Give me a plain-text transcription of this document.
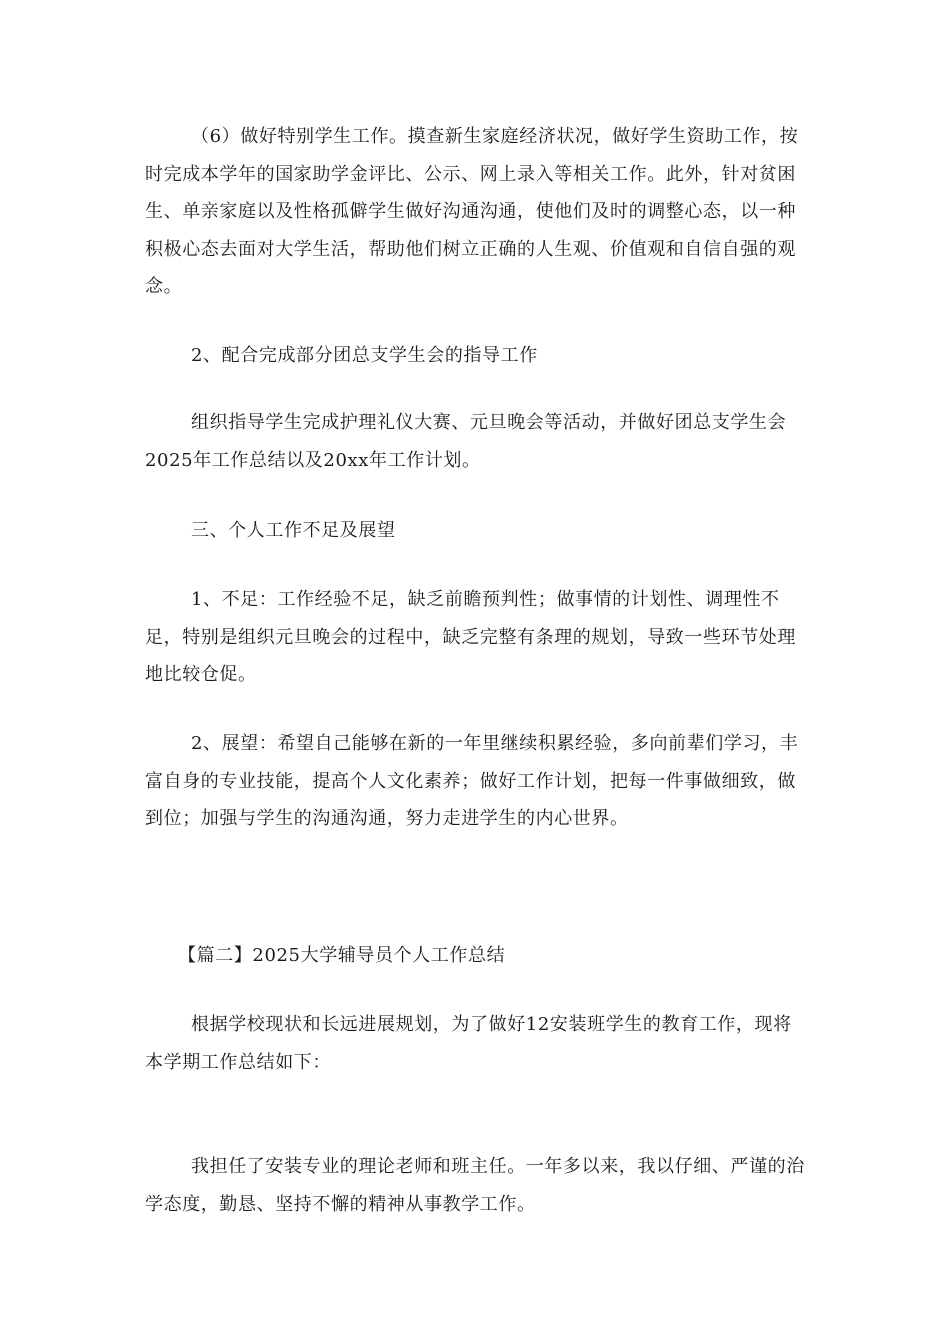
（6）做好特别学生工作。摸查新生家庭经济状况，做好学生资助工作，按时完成本学年的国家助学金评比、公示、网上录入等相关工作。此外，针对贫困生、单亲家庭以及性格孤僻学生做好沟通沟通，使他们及时的调整心态，以一种积极心态去面对大学生活，帮助他们树立正确的人生观、价值观和自信自强的观念。

2、配合完成部分团总支学生会的指导工作

组织指导学生完成护理礼仪大赛、元旦晚会等活动，并做好团总支学生会2025年工作总结以及20xx年工作计划。

三、个人工作不足及展望

1、不足：工作经验不足，缺乏前瞻预判性；做事情的计划性、调理性不足，特别是组织元旦晚会的过程中，缺乏完整有条理的规划，导致一些环节处理地比较仓促。

2、展望：希望自己能够在新的一年里继续积累经验，多向前辈们学习，丰富自身的专业技能，提高个人文化素养；做好工作计划，把每一件事做细致，做到位；加强与学生的沟通沟通，努力走进学生的内心世界。

【篇二】2025大学辅导员个人工作总结

根据学校现状和长远进展规划，为了做好12安装班学生的教育工作，现将本学期工作总结如下：

我担任了安装专业的理论老师和班主任。一年多以来，我以仔细、严谨的治学态度，勤恳、坚持不懈的精神从事教学工作。
